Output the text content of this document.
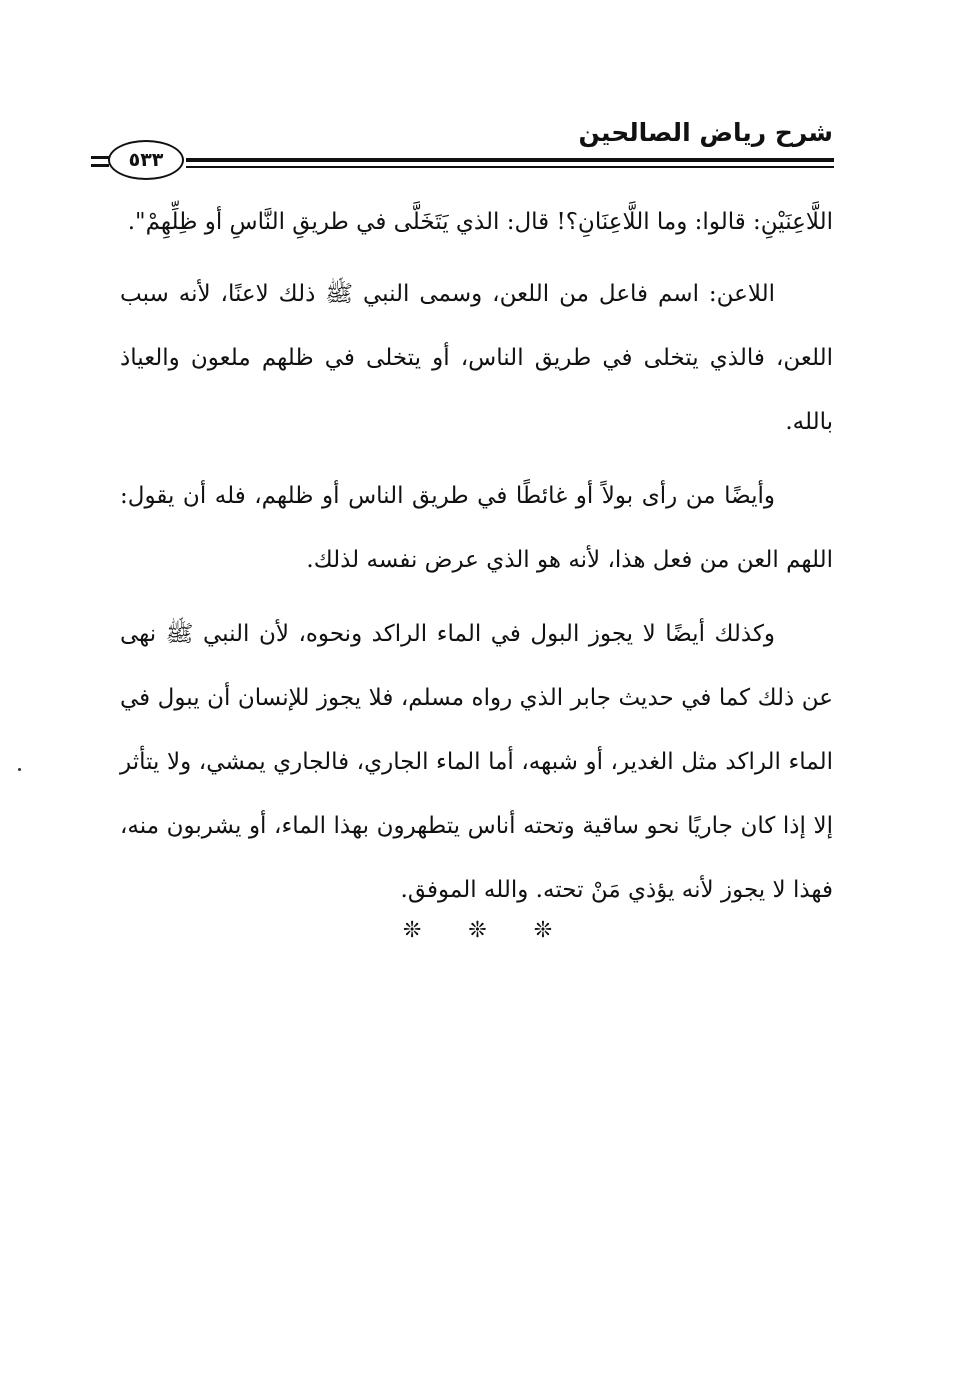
شرح رياض الصالحين
٥٣٣

اللَّاعِنَيْنِ: قالوا: وما اللَّاعِنَانِ؟! قال: الذي يَتَخَلَّى في طريقِ النَّاسِ أو ظِلِّهِمْ".

اللاعن: اسم فاعل من اللعن، وسمى النبي ﷺ ذلك لاعنًا، لأنه سبب اللعن، فالذي يتخلى في طريق الناس، أو يتخلى في ظلهم ملعون والعياذ بالله.

وأيضًا من رأى بولاً أو غائطًا في طريق الناس أو ظلهم، فله أن يقول: اللهم العن من فعل هذا، لأنه هو الذي عرض نفسه لذلك.

وكذلك أيضًا لا يجوز البول في الماء الراكد ونحوه، لأن النبي ﷺ نهى عن ذلك كما في حديث جابر الذي رواه مسلم، فلا يجوز للإنسان أن يبول في الماء الراكد مثل الغدير، أو شبهه، أما الماء الجاري، فالجاري يمشي، ولا يتأثر إلا إذا كان جاريًا نحو ساقية وتحته أناس يتطهرون بهذا الماء، أو يشربون منه، فهذا لا يجوز لأنه يؤذي مَنْ تحته. والله الموفق.

❊ ❊ ❊
